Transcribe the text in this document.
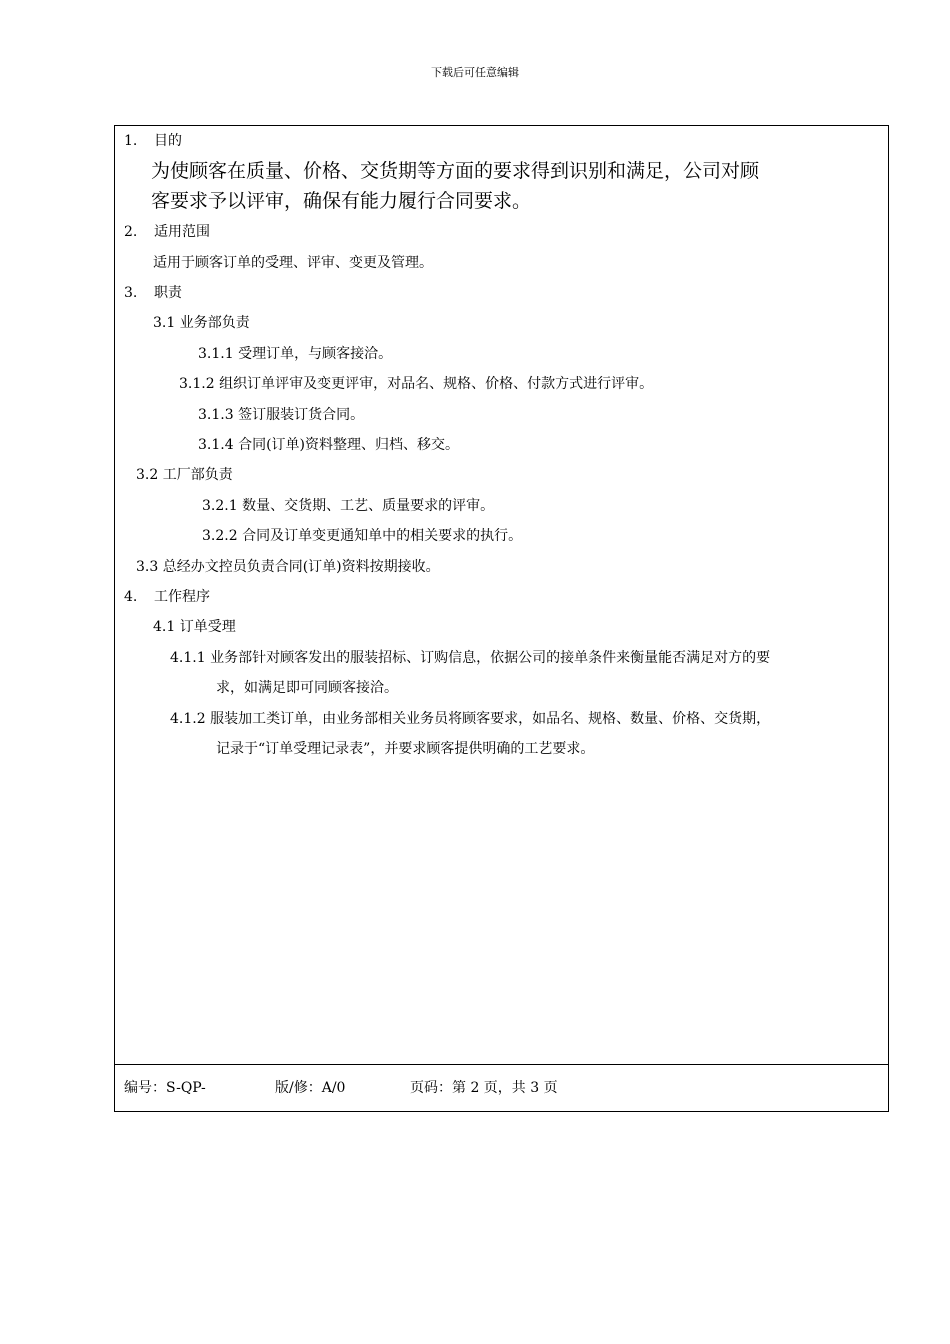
下载后可任意编辑
1. 目的
为使顾客在质量、价格、交货期等方面的要求得到识别和满足，公司对顾
客要求予以评审，确保有能力履行合同要求。
2. 适用范围
适用于顾客订单的受理、评审、变更及管理。
3. 职责
3.1 业务部负责
3.1.1 受理订单，与顾客接洽。
3.1.2 组织订单评审及变更评审，对品名、规格、价格、付款方式进行评审。
3.1.3 签订服装订货合同。
3.1.4 合同(订单)资料整理、归档、移交。
3.2 工厂部负责
3.2.1 数量、交货期、工艺、质量要求的评审。
3.2.2 合同及订单变更通知单中的相关要求的执行。
3.3 总经办文控员负责合同(订单)资料按期接收。
4. 工作程序
4.1 订单受理
4.1.1 业务部针对顾客发出的服装招标、订购信息，依据公司的接单条件来衡量能否满足对方的要
求，如满足即可同顾客接洽。
4.1.2 服装加工类订单，由业务部相关业务员将顾客要求，如品名、规格、数量、价格、交货期，
记录于“订单受理记录表”，并要求顾客提供明确的工艺要求。
编号：S-QP-	版/修：A/0	页码：第 2 页，共 3 页
